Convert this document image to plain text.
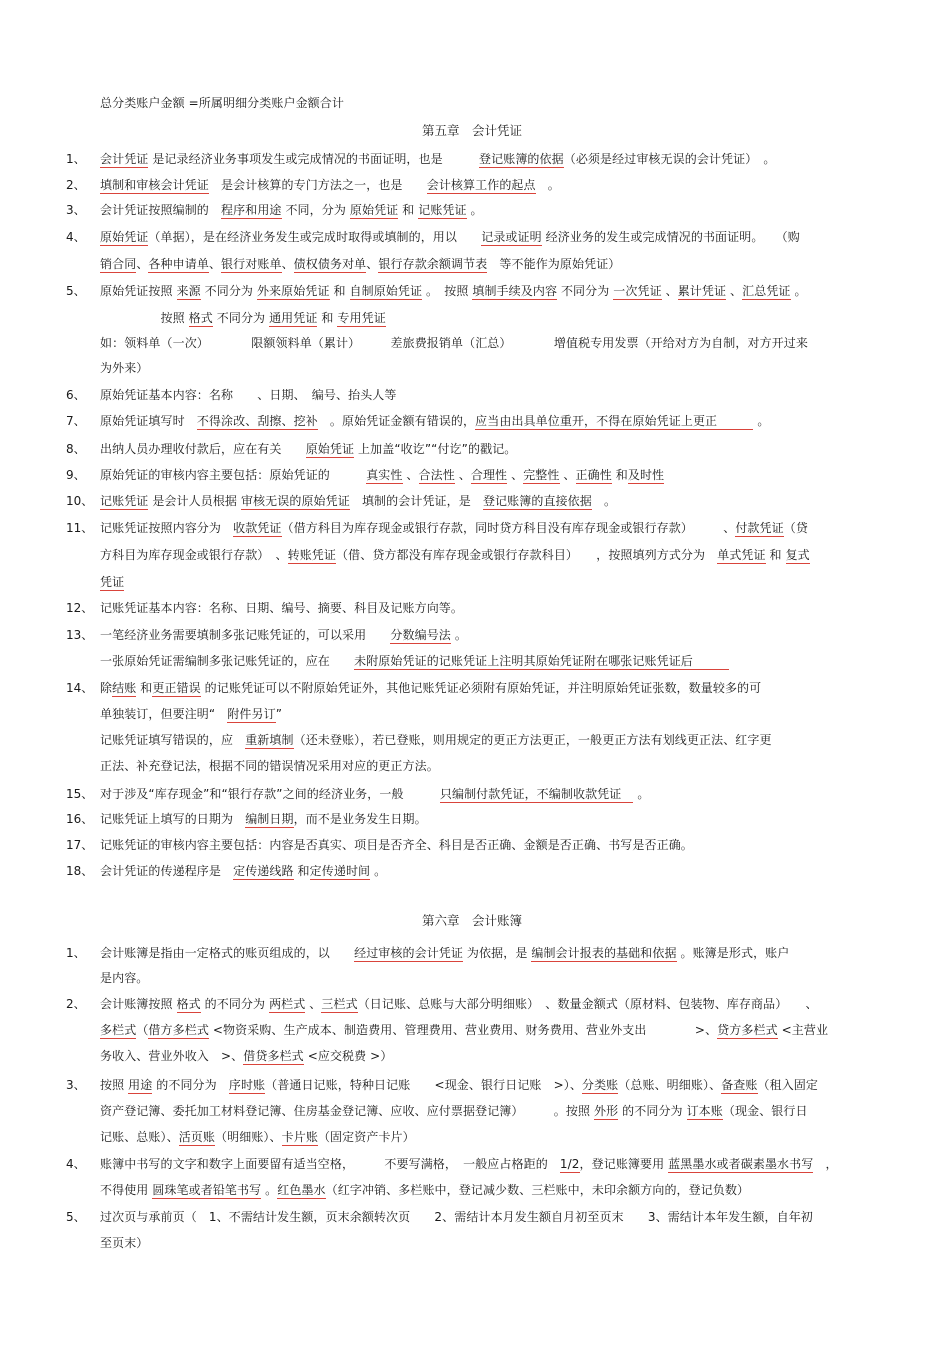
总分类账户金额 =所属明细分类账户金额合计
第五章　会计凭证
1、 会计凭证 是记录经济业务事项发生或完成情况的书面证明，也是　　　登记账簿的依据（必须是经过审核无误的会计凭证）　。
2、 填制和审核会计凭证　是会计核算的专门方法之一，也是　　会计核算工作的起点　。
3、 会计凭证按照编制的　程序和用途 不同，分为 原始凭证 和 记账凭证 。
4、 原始凭证（单据），是在经济业务发生或完成时取得或填制的，用以　　记录或证明 经济业务的发生或完成情况的书面证明。　　（购
销合同、各种申请单、银行对账单、债权债务对单、银行存款余额调节表　等不能作为原始凭证）
5、 原始凭证按照 来源 不同分为 外来原始凭证 和 自制原始凭证 。　按照 填制手续及内容 不同分为 一次凭证 、累计凭证 、汇总凭证 。
　　　　　按照 格式 不同分为 通用凭证 和 专用凭证
如：领料单（一次）　　　　限额领料单（累计）　　　差旅费报销单（汇总）　　　　增值税专用发票（开给对方为自制，对方开过来
为外来）
6、 原始凭证基本内容：名称　　、日期、　编号、抬头人等
7、 原始凭证填写时　不得涂改、刮擦、挖补　。原始凭证金额有错误的，应当由出具单位重开，不得在原始凭证上更正　　　 。
8、 出纳人员办理收付款后，应在有关　　原始凭证 上加盖“收讫”“付讫”的戳记。
9、 原始凭证的审核内容主要包括：原始凭证的　　　真实性 、合法性 、合理性 、完整性 、正确性 和及时性
10、 记账凭证 是会计人员根据 审核无误的原始凭证　填制的会计凭证，是　登记账簿的直接依据　。
11、 记账凭证按照内容分为　收款凭证（借方科目为库存现金或银行存款，同时贷方科目没有库存现金或银行存款）　　　、付款凭证（贷
方科目为库存现金或银行存款）　、转账凭证（借、贷方都没有库存现金或银行存款科目）　　，按照填列方式分为　单式凭证 和 复式
凭证
12、 记账凭证基本内容：名称、日期、编号、摘要、科目及记账方向等。
13、 一笔经济业务需要填制多张记账凭证的，可以采用　　分数编号法 。
一张原始凭证需编制多张记账凭证的，应在　　未附原始凭证的记账凭证上注明其原始凭证附在哪张记账凭证后　　　
14、 除结账 和更正错误 的记账凭证可以不附原始凭证外，其他记账凭证必须附有原始凭证，并注明原始凭证张数，数量较多的可
单独装订，但要注明“　附件另订”
记账凭证填写错误的，应　重新填制（还未登账），若已登账，则用规定的更正方法更正，一般更正方法有划线更正法、红字更
正法、补充登记法，根据不同的错误情况采用对应的更正方法。
15、 对于涉及“库存现金”和“银行存款”之间的经济业务，一般　　　只编制付款凭证，不编制收款凭证　 。
16、 记账凭证上填写的日期为　编制日期，而不是业务发生日期。
17、 记账凭证的审核内容主要包括：内容是否真实、项目是否齐全、科目是否正确、金额是否正确、书写是否正确。
18、 会计凭证的传递程序是　定传递线路 和定传递时间 。
第六章　会计账簿
1、 会计账簿是指由一定格式的账页组成的，以　　经过审核的会计凭证 为依据，是 编制会计报表的基础和依据 。账簿是形式，账户
是内容。
2、 会计账簿按照 格式 的不同分为 两栏式 、三栏式（日记账、总账与大部分明细账）　、数量金额式（原材料、包装物、库存商品）　　、
多栏式（借方多栏式 <物资采购、生产成本、制造费用、管理费用、营业费用、财务费用、营业外支出　　　　>、贷方多栏式 <主营业
务收入、营业外收入　>、借贷多栏式 <应交税费 >）
3、 按照 用途 的不同分为　序时账（普通日记账，特种日记账　　<现金、银行日记账　>）、分类账（总账、明细账）、备查账（租入固定
资产登记簿、委托加工材料登记簿、住房基金登记簿、应收、应付票据登记簿）　　　。按照 外形 的不同分为 订本账（现金、银行日
记账、总账）、活页账（明细账）、卡片账（固定资产卡片）
4、 账簿中书写的文字和数字上面要留有适当空格，　　　不要写满格，　一般应占格距的　1/2，登记账簿要用 蓝黑墨水或者碳素墨水书写　，
不得使用 圆珠笔或者铅笔书写 。红色墨水（红字冲销、多栏账中，登记减少数、三栏账中，未印余额方向的，登记负数）
5、 过次页与承前页（　1、不需结计发生额，页末余额转次页　　2、需结计本月发生额自月初至页末　　3、需结计本年发生额，自年初
至页末）
